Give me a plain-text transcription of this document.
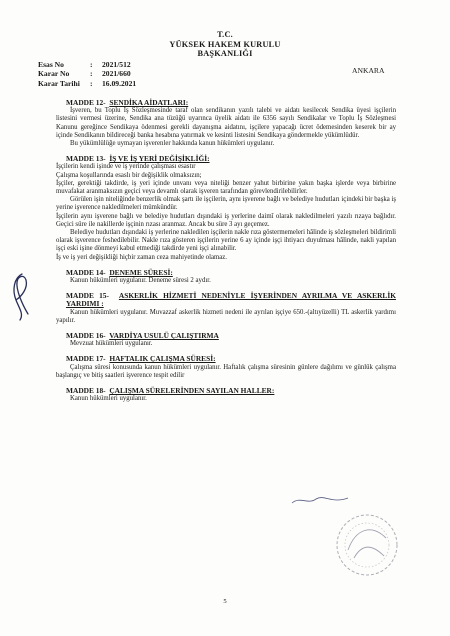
T.C.
YÜKSEK HAKEM KURULU
BAŞKANLIĞI
Esas No	:	2021/512
Karar No	:	2021/660
Karar Tarihi	:	16.09.2021
ANKARA
MADDE 12- SENDİKA AİDATLARI:

İşveren, bu Toplu İş Sözleşmesinde taraf olan sendikanın yazılı talebi ve aidatı kesilecek Sendika üyesi işçilerin listesini vermesi üzerine, Sendika ana tüzüğü uyarınca üyelik aidatı ile 6356 sayılı Sendikalar ve Toplu İş Sözleşmesi Kanunu gereğince Sendikaya ödenmesi gerekli dayanışma aidatını, işçilere yapacağı ücret ödemesinden keserek bir ay içinde Sendikanın bildireceği banka hesabına yatırmak ve kesinti listesini Sendikaya göndermekle yükümlüdür.

Bu yükümlülüğe uymayan işverenler hakkında kanun hükümleri uygulanır.

MADDE 13- İŞ VE İŞ YERİ DEĞİŞİKLİĞİ:

İşçilerin kendi işinde ve iş yerinde çalışması esastır

Çalışma koşullarında esaslı bir değişiklik olmaksızın;

İşçiler, gerektiği takdirde, iş yeri içinde unvanı veya niteliği benzer yahut birbirine yakın başka işlerde veya birbirine muvafakat aranmaksızın geçici veya devamlı olarak işveren tarafından görevlendirilebilirler.

Görülen işin niteliğinde benzerlik olmak şartı ile işçilerin, aynı işverene bağlı ve belediye hudutları içindeki bir başka iş yerine işverence nakledilmeleri mümkündür.

İşçilerin aynı işverene bağlı ve belediye hudutları dışındaki iş yerlerine daimî olarak nakledilmeleri yazılı rızaya bağlıdır. Geçici süre ile nakillerde işçinin rızası aranmaz. Ancak bu süre 3 ayı geçemez.

Belediye hudutları dışındaki iş yerlerine nakledilen işçilerin nakle rıza göstermemeleri hâlinde iş sözleşmeleri bildirimli olarak işverence feshedilebilir. Nakle rıza gösteren işçilerin yerine 6 ay içinde işçi ihtiyacı duyulması hâlinde, nakli yapılan işçi eski işine dönmeyi kabul etmediği takdirde yeni işçi alınabilir.

İş ve iş yeri değişikliği hiçbir zaman ceza mahiyetinde olamaz.

MADDE 14- DENEME SÜRESİ:

Kanun hükümleri uygulanır. Deneme süresi 2 aydır.

MADDE 15- ASKERLİK HİZMETİ NEDENİYLE İŞYERİNDEN AYRILMA VE ASKERLİK YARDIMI :

Kanun hükümleri uygulanır. Muvazzaf askerlik hizmeti nedeni ile ayrılan işçiye 650.-(altıyüzelli) TL askerlik yardımı yapılır.

MADDE 16- VARDİYA USULÜ ÇALIŞTIRMA

Mevzuat hükümleri uygulanır.

MADDE 17- HAFTALIK ÇALIŞMA SÜRESİ:

Çalışma süresi konusunda kanun hükümleri uygulanır. Haftalık çalışma süresinin günlere dağılımı ve günlük çalışma başlangıç ve bitiş saatleri işverence tespit edilir

MADDE 18- ÇALIŞMA SÜRELERİNDEN SAYILAN HALLER:

Kanun hükümleri uygulanır.

5
